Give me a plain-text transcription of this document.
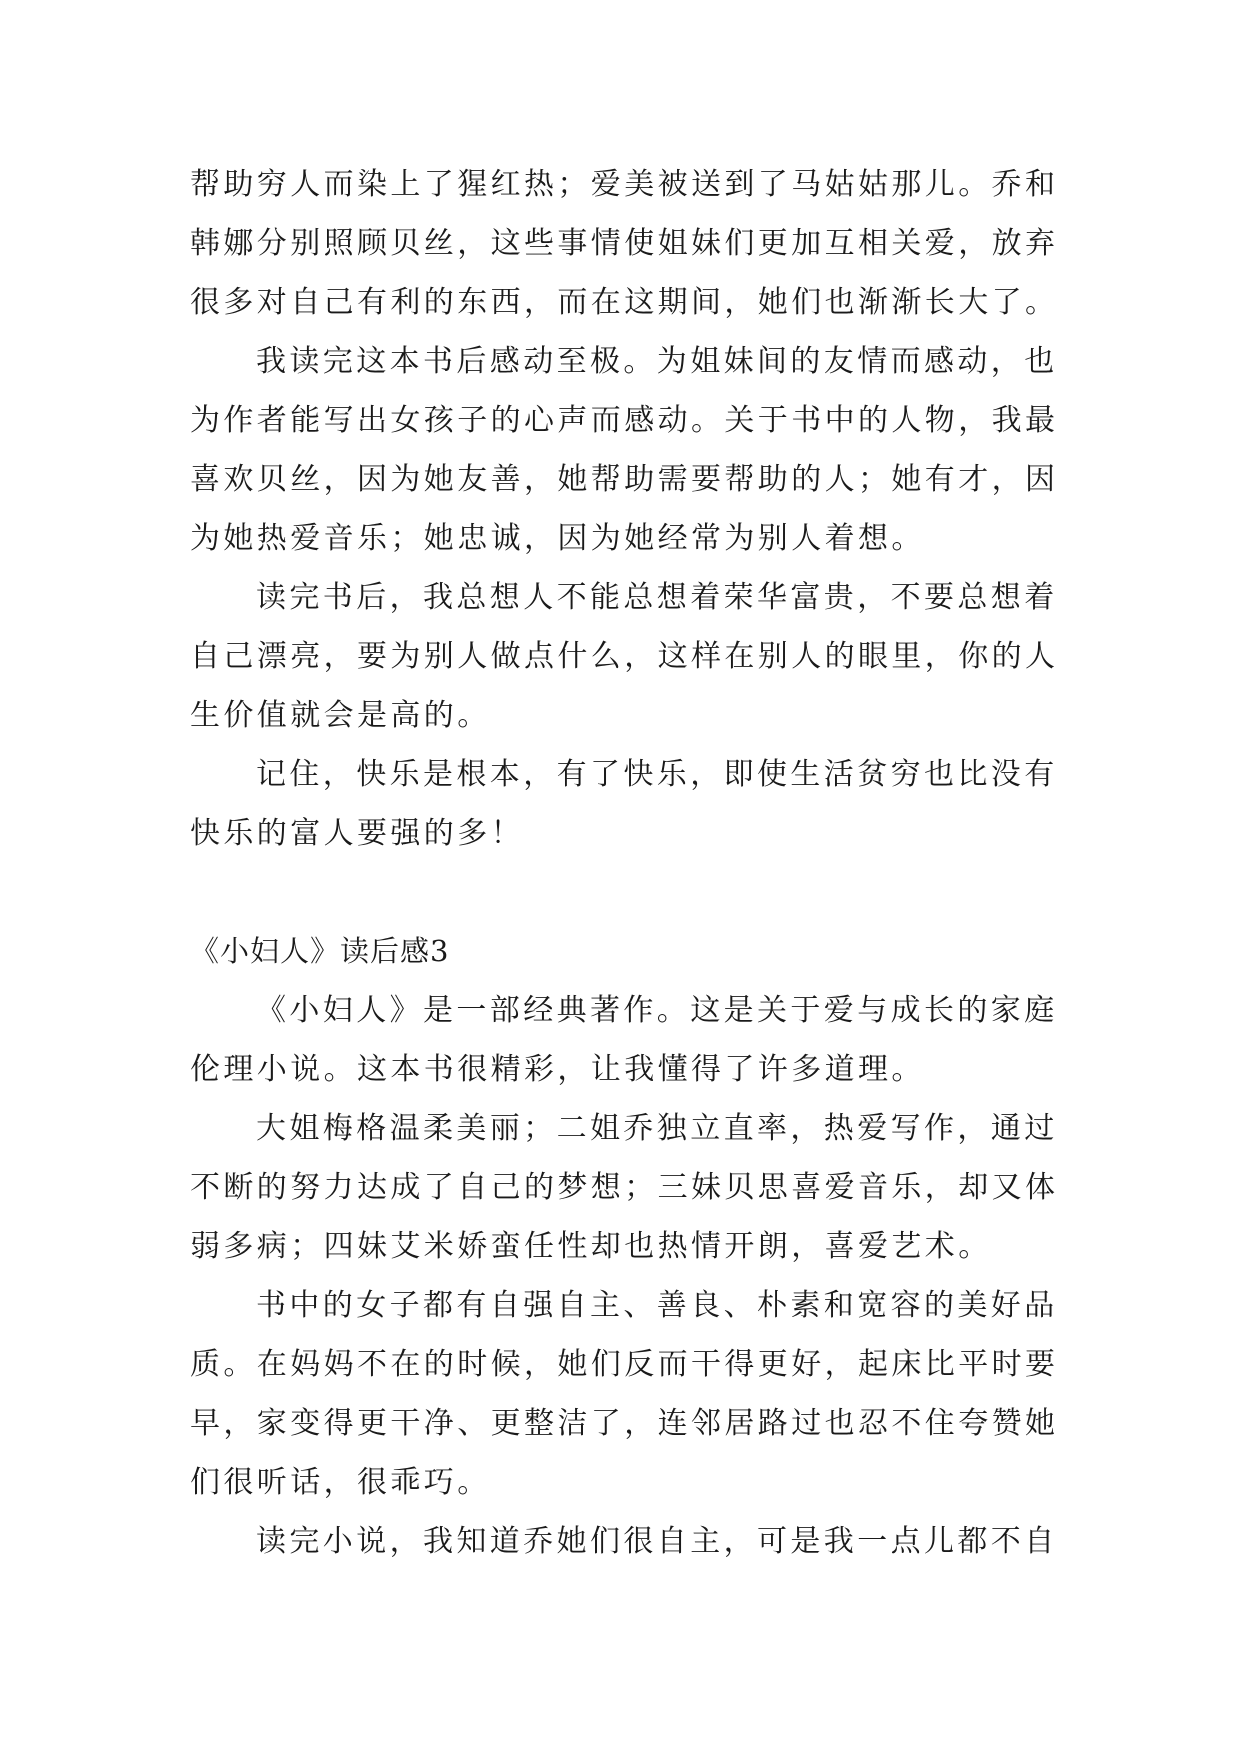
帮助穷人而染上了猩红热；爱美被送到了马姑姑那儿。乔和
韩娜分别照顾贝丝，这些事情使姐妹们更加互相关爱，放弃
很多对自己有利的东西，而在这期间，她们也渐渐长大了。
我读完这本书后感动至极。为姐妹间的友情而感动，也
为作者能写出女孩子的心声而感动。关于书中的人物，我最
喜欢贝丝，因为她友善，她帮助需要帮助的人；她有才，因
为她热爱音乐；她忠诚，因为她经常为别人着想。
读完书后，我总想人不能总想着荣华富贵，不要总想着
自己漂亮，要为别人做点什么，这样在别人的眼里，你的人
生价值就会是高的。
记住，快乐是根本，有了快乐，即使生活贫穷也比没有
快乐的富人要强的多！
《小妇人》读后感3
《小妇人》是一部经典著作。这是关于爱与成长的家庭
伦理小说。这本书很精彩，让我懂得了许多道理。
大姐梅格温柔美丽；二姐乔独立直率，热爱写作，通过
不断的努力达成了自己的梦想；三妹贝思喜爱音乐，却又体
弱多病；四妹艾米娇蛮任性却也热情开朗，喜爱艺术。
书中的女子都有自强自主、善良、朴素和宽容的美好品
质。在妈妈不在的时候，她们反而干得更好，起床比平时要
早，家变得更干净、更整洁了，连邻居路过也忍不住夸赞她
们很听话，很乖巧。
读完小说，我知道乔她们很自主，可是我一点儿都不自
